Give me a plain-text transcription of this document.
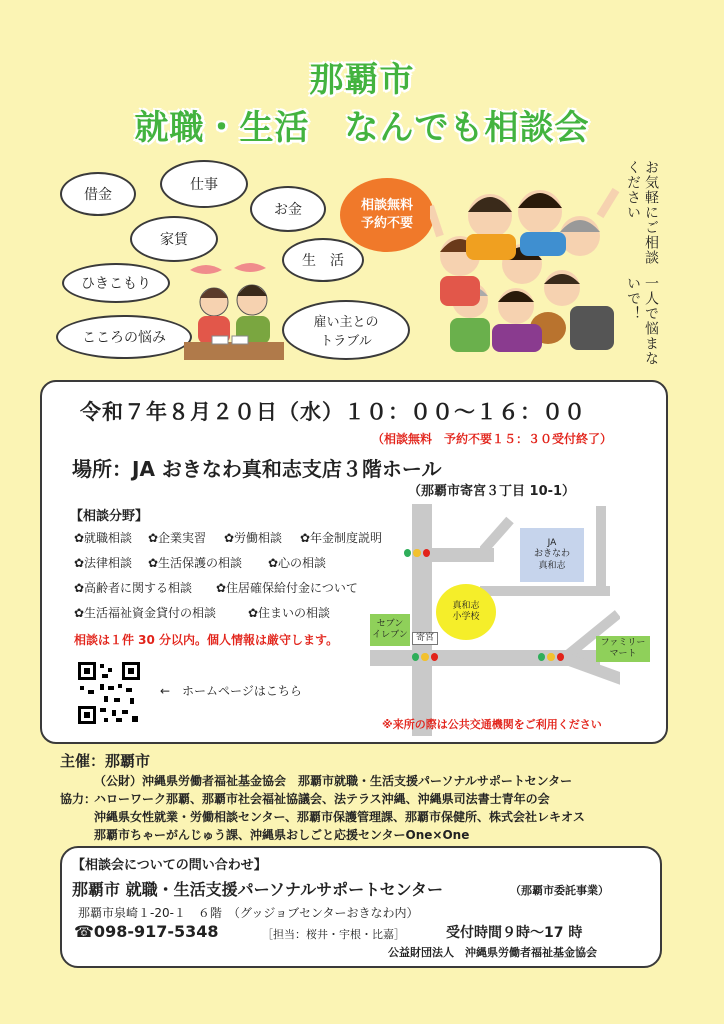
那覇市
就職・生活　なんでも相談会
借金
仕事
お金
家賃
生　活
ひきこもり
こころの悩み
雇い主との
トラブル
相談無料
予約不要
一人で悩まないで！
お気軽にご相談ください
令和７年８月２０日（水）１０：００～１６：００
（相談無料　予約不要１５：３０受付終了）
場所：JA おきなわ真和志支店３階ホール
（那覇市寄宮３丁目 10-1）
【相談分野】
✿就職相談 ✿企業実習 ✿労働相談 ✿年金制度説明
✿法律相談 ✿生活保護の相談 ✿心の相談
✿高齢者に関する相談 ✿住居確保給付金について
✿生活福祉資金貸付の相談	✿住まいの相談
相談は１件 30 分以内。個人情報は厳守します。
←　ホームページはこちら
JA
おきなわ
真和志
真和志
小学校
セブン
イレブン 寄宮	ファミリー
マート
※来所の際は公共交通機関をご利用ください
主催：那覇市
（公財）沖縄県労働者福祉基金協会　那覇市就職・生活支援パーソナルサポートセンター
協力：
ハローワーク那覇、那覇市社会福祉協議会、法テラス沖縄、沖縄県司法書士青年の会
沖縄県女性就業・労働相談センター、那覇市保護管理課、那覇市保健所、株式会社レキオス
那覇市ちゃーがんじゅう課、沖縄県おしごと応援センターOne×One
【相談会についての問い合わせ】
那覇市 就職・生活支援パーソナルサポートセンター	（那覇市委託事業）
那覇市泉崎１-20-１　６階　（グッジョブセンターおきなわ内）
☎098-917-5348	［担当：桜井・宇根・比嘉］	受付時間９時～17 時
公益財団法人　沖縄県労働者福祉基金協会
